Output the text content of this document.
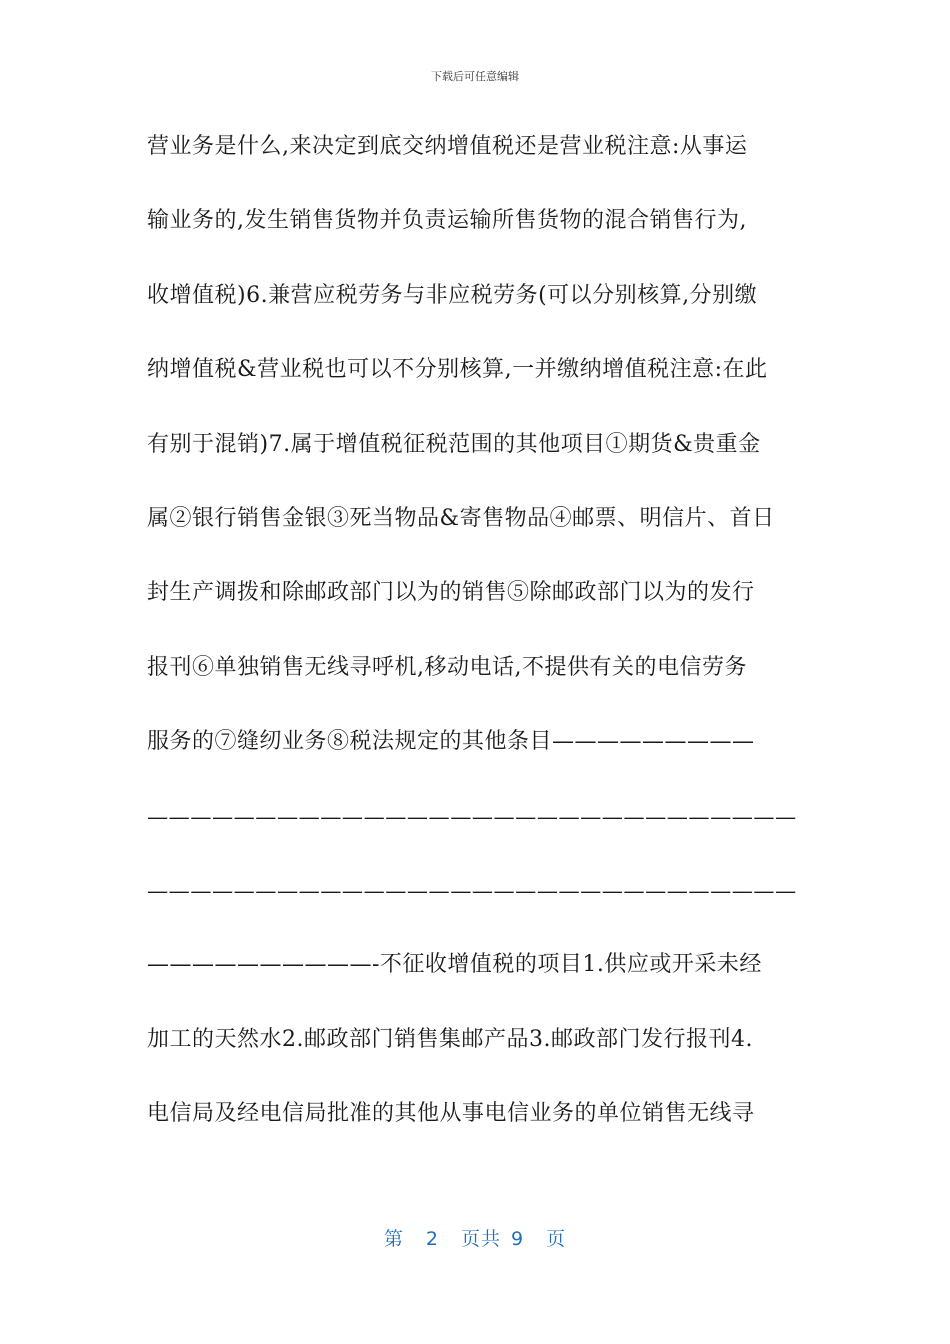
下载后可任意编辑
营业务是什么,来决定到底交纳增值税还是营业税注意:从事运
输业务的,发生销售货物并负责运输所售货物的混合销售行为,
收增值税)6.兼营应税劳务与非应税劳务(可以分别核算,分别缴
纳增值税&营业税也可以不分别核算,一并缴纳增值税注意:在此
有别于混销)7.属于增值税征税范围的其他项目①期货&贵重金
属②银行销售金银③死当物品&寄售物品④邮票、明信片、首日
封生产调拨和除邮政部门以为的销售⑤除邮政部门以为的发行
报刊⑥单独销售无线寻呼机,移动电话,不提供有关的电信劳务
服务的⑦缝纫业务⑧税法规定的其他条目—————————
——————————————————————————————
——————————————————————————————
——————————-不征收增值税的项目1.供应或开采未经
加工的天然水2.邮政部门销售集邮产品3.邮政部门发行报刊4.
电信局及经电信局批准的其他从事电信业务的单位销售无线寻
第 2 页共 9 页
